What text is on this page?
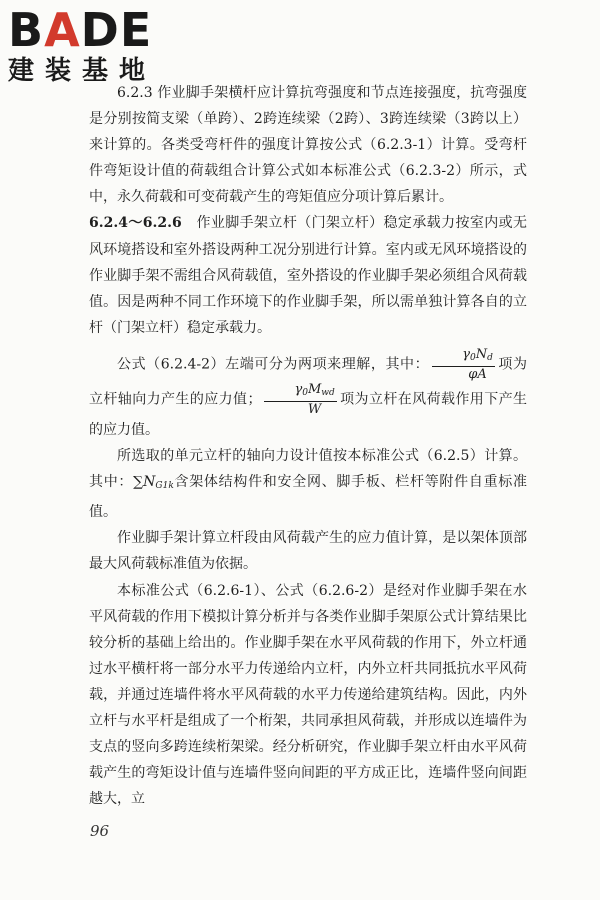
BADE
建装基地

6.2.3 作业脚手架横杆应计算抗弯强度和节点连接强度，抗弯强度是分别按简支梁（单跨）、2跨连续梁（2跨）、3跨连续梁（3跨以上）来计算的。各类受弯杆件的强度计算按公式（6.2.3-1）计算。受弯杆件弯矩设计值的荷载组合计算公式如本标准公式（6.2.3-2）所示，式中，永久荷载和可变荷载产生的弯矩值应分项计算后累计。

6.2.4～6.2.6　 作业脚手架立杆（门架立杆）稳定承载力按室内或无风环境搭设和室外搭设两种工况分别进行计算。室内或无风环境搭设的作业脚手架不需组合风荷载值，室外搭设的作业脚手架必须组合风荷载值。因是两种不同工作环境下的作业脚手架，所以需单独计算各自的立杆（门架立杆）稳定承载力。

公式（6.2.4-2）左端可分为两项来理解，其中： $\frac{\gamma_0N_d}{\varphi A}$ 项为立杆轴向力产生的应力值； $\frac{\gamma_0M_{wd}}{W}$ 项为立杆在风荷载作用下产生的应力值。

所选取的单元立杆的轴向力设计值按本标准公式（6.2.5）计算。其中：$\sum N_{G1k}$含架体结构件和安全网、脚手板、栏杆等附件自重标准值。

作业脚手架计算立杆段由风荷载产生的应力值计算，是以架体顶部最大风荷载标准值为依据。

本标准公式（6.2.6-1）、公式（6.2.6-2）是经对作业脚手架在水平风荷载的作用下模拟计算分析并与各类作业脚手架原公式计算结果比较分析的基础上给出的。作业脚手架在水平风荷载的作用下，外立杆通过水平横杆将一部分水平力传递给内立杆，内外立杆共同抵抗水平风荷载，并通过连墙件将水平风荷载的水平力传递给建筑结构。因此，内外立杆与水平杆是组成了一个桁架，共同承担风荷载，并形成以连墙件为支点的竖向多跨连续桁架梁。经分析研究，作业脚手架立杆由水平风荷载产生的弯矩设计值与连墙件竖向间距的平方成正比，连墙件竖向间距越大，立

96
